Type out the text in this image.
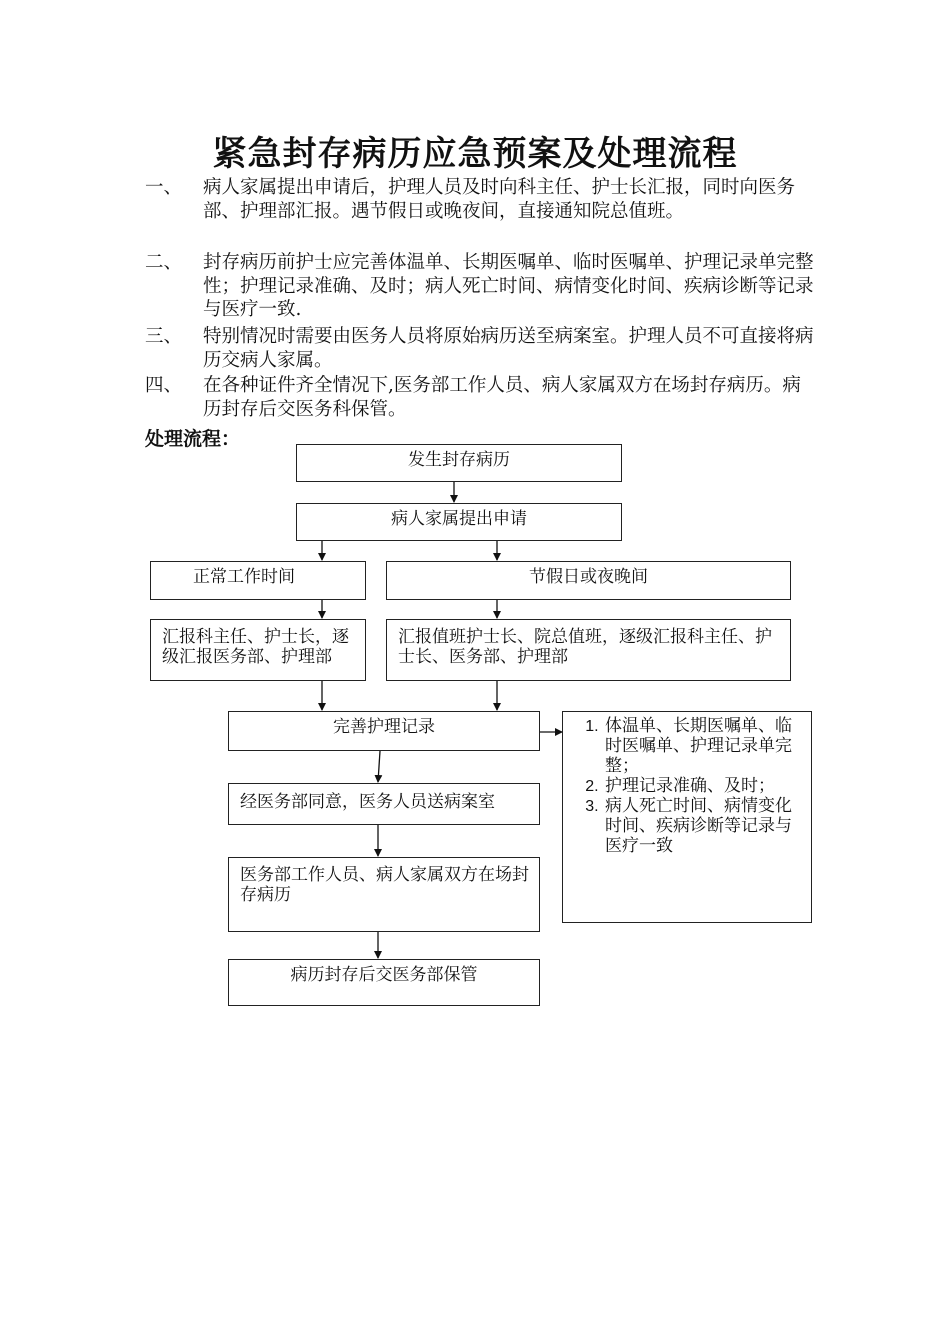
紧急封存病历应急预案及处理流程
一、	病人家属提出申请后，护理人员及时向科主任、护士长汇报，同时向医务部、护理部汇报。遇节假日或晚夜间，直接通知院总值班。
二、	封存病历前护士应完善体温单、长期医嘱单、临时医嘱单、护理记录单完整性；护理记录准确、及时；病人死亡时间、病情变化时间、疾病诊断等记录与医疗一致.
三、	特别情况时需要由医务人员将原始病历送至病案室。护理人员不可直接将病历交病人家属。
四、	在各种证件齐全情况下,医务部工作人员、病人家属双方在场封存病历。病历封存后交医务科保管。
处理流程：
发生封存病历
病人家属提出申请
正常工作时间	节假日或夜晚间
汇报科主任、护士长，逐级汇报医务部、护理部
汇报值班护士长、院总值班，逐级汇报科主任、护士长、医务部、护理部
完善护理记录
1.	体温单、长期医嘱单、临时医嘱单、护理记录单完整；
2. 护理记录准确、及时；
3. 病人死亡时间、病情变化时间、疾病诊断等记录与医疗一致
经医务部同意，医务人员送病案室
医务部工作人员、病人家属双方在场封存病历
病历封存后交医务部保管
